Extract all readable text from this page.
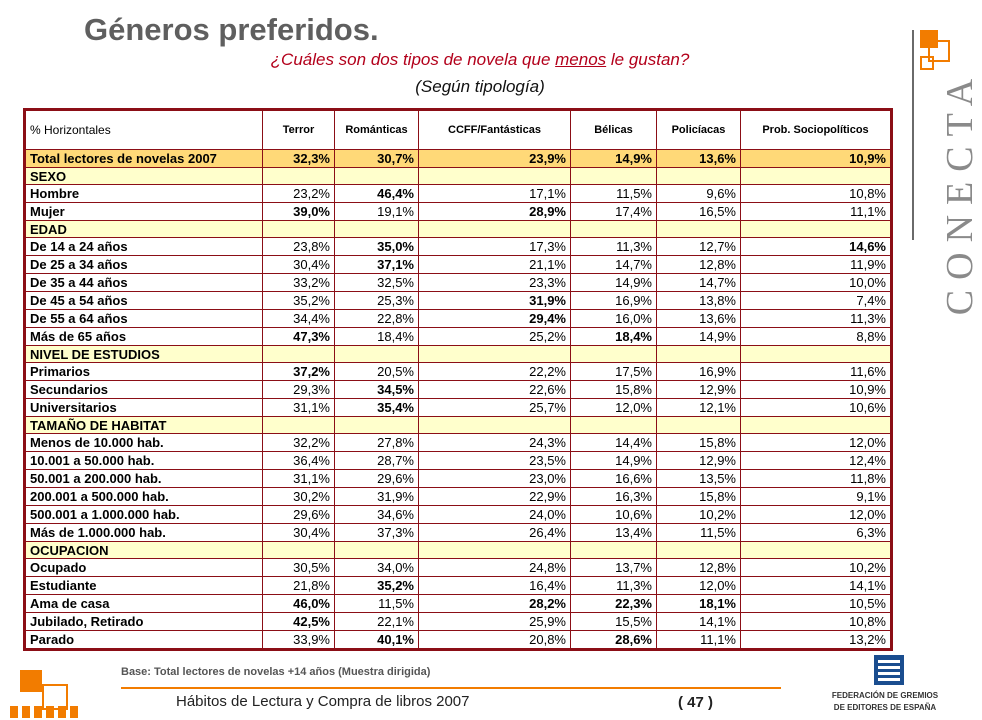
Géneros preferidos.
¿Cuáles son dos tipos de novela que menos le gustan?
(Según tipología)	CONECTA
% Horizontales	Terror	Románticas	CCFF/Fantásticas	Bélicas	Policíacas	Prob. Sociopolíticos
Total lectores de novelas 2007	32,3%	30,7%	23,9%	14,9%	13,6%	10,9%
SEXO						
Hombre	23,2%	46,4%	17,1%	11,5%	9,6%	10,8%
Mujer	39,0%	19,1%	28,9%	17,4%	16,5%	11,1%
EDAD						
De 14 a 24 años	23,8%	35,0%	17,3%	11,3%	12,7%	14,6%
De 25 a 34 años	30,4%	37,1%	21,1%	14,7%	12,8%	11,9%
De 35 a 44 años	33,2%	32,5%	23,3%	14,9%	14,7%	10,0%
De 45 a 54 años	35,2%	25,3%	31,9%	16,9%	13,8%	7,4%
De 55 a 64 años	34,4%	22,8%	29,4%	16,0%	13,6%	11,3%
Más de 65 años	47,3%	18,4%	25,2%	18,4%	14,9%	8,8%
NIVEL DE ESTUDIOS						
Primarios	37,2%	20,5%	22,2%	17,5%	16,9%	11,6%
Secundarios	29,3%	34,5%	22,6%	15,8%	12,9%	10,9%
Universitarios	31,1%	35,4%	25,7%	12,0%	12,1%	10,6%
TAMAÑO DE HABITAT						
Menos de 10.000 hab.	32,2%	27,8%	24,3%	14,4%	15,8%	12,0%
10.001 a 50.000 hab.	36,4%	28,7%	23,5%	14,9%	12,9%	12,4%
50.001 a 200.000 hab.	31,1%	29,6%	23,0%	16,6%	13,5%	11,8%
200.001 a 500.000 hab.	30,2%	31,9%	22,9%	16,3%	15,8%	9,1%
500.001 a 1.000.000 hab.	29,6%	34,6%	24,0%	10,6%	10,2%	12,0%
Más de 1.000.000 hab.	30,4%	37,3%	26,4%	13,4%	11,5%	6,3%
OCUPACION						
Ocupado	30,5%	34,0%	24,8%	13,7%	12,8%	10,2%
Estudiante	21,8%	35,2%	16,4%	11,3%	12,0%	14,1%
Ama de casa	46,0%	11,5%	28,2%	22,3%	18,1%	10,5%
Jubilado, Retirado	42,5%	22,1%	25,9%	15,5%	14,1%	10,8%
Parado	33,9%	40,1%	20,8%	28,6%	11,1%	13,2%
Base: Total lectores de novelas +14 años (Muestra dirigida)
Hábitos de Lectura y Compra de libros 2007	( 47 )	FEDERACIÓN DE GREMIOS
DE EDITORES DE ESPAÑA
